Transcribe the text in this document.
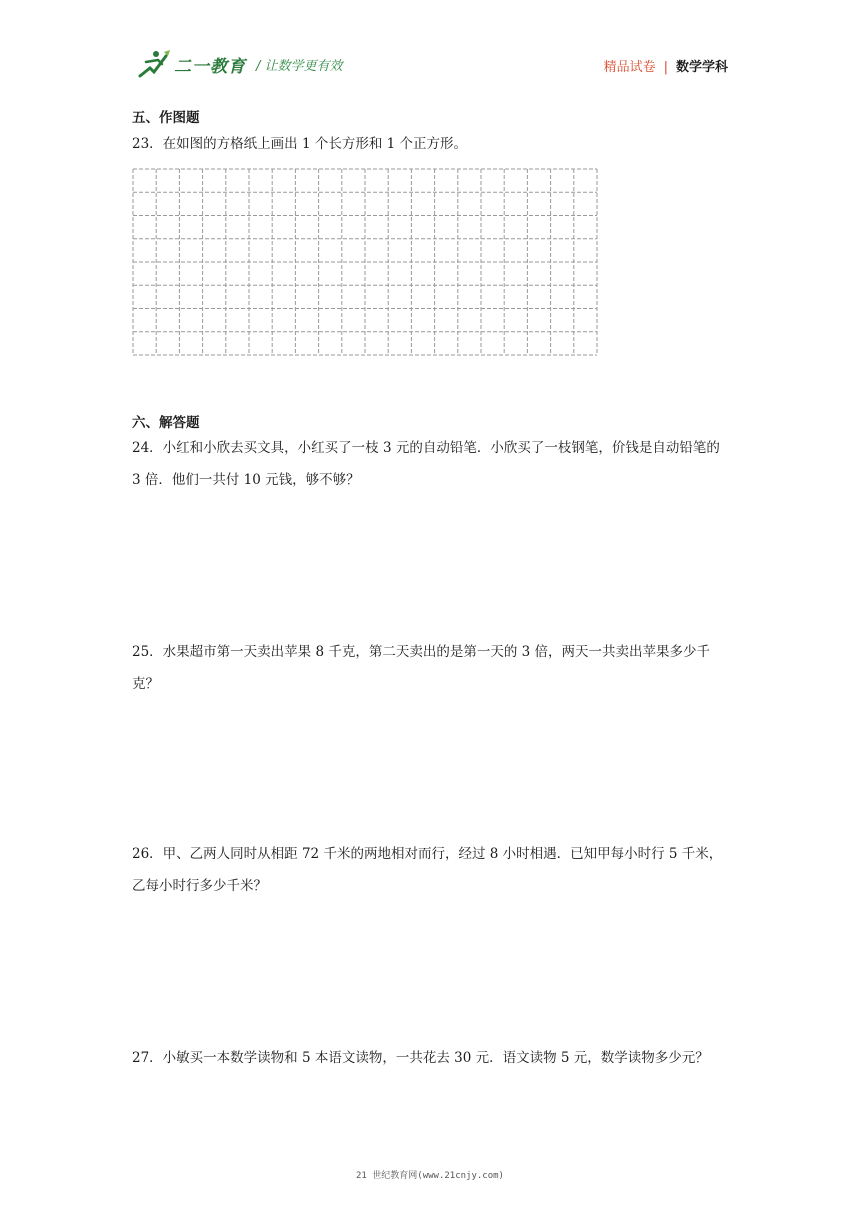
二一教育 / 让数学更有效	精品试卷 | 数学学科
五、作图题
23．在如图的方格纸上画出 1 个长方形和 1 个正方形。
六、解答题
24．小红和小欣去买文具，小红买了一枝 3 元的自动铅笔．小欣买了一枝钢笔，价钱是自动铅笔的 3 倍．他们一共付 10 元钱，够不够？
25．水果超市第一天卖出苹果 8 千克，第二天卖出的是第一天的 3 倍，两天一共卖出苹果多少千克？
26．甲、乙两人同时从相距 72 千米的两地相对而行，经过 8 小时相遇．已知甲每小时行 5 千米，乙每小时行多少千米？
27．小敏买一本数学读物和 5 本语文读物，一共花去 30 元．语文读物 5 元，数学读物多少元？
21 世纪教育网(www.21cnjy.com)
